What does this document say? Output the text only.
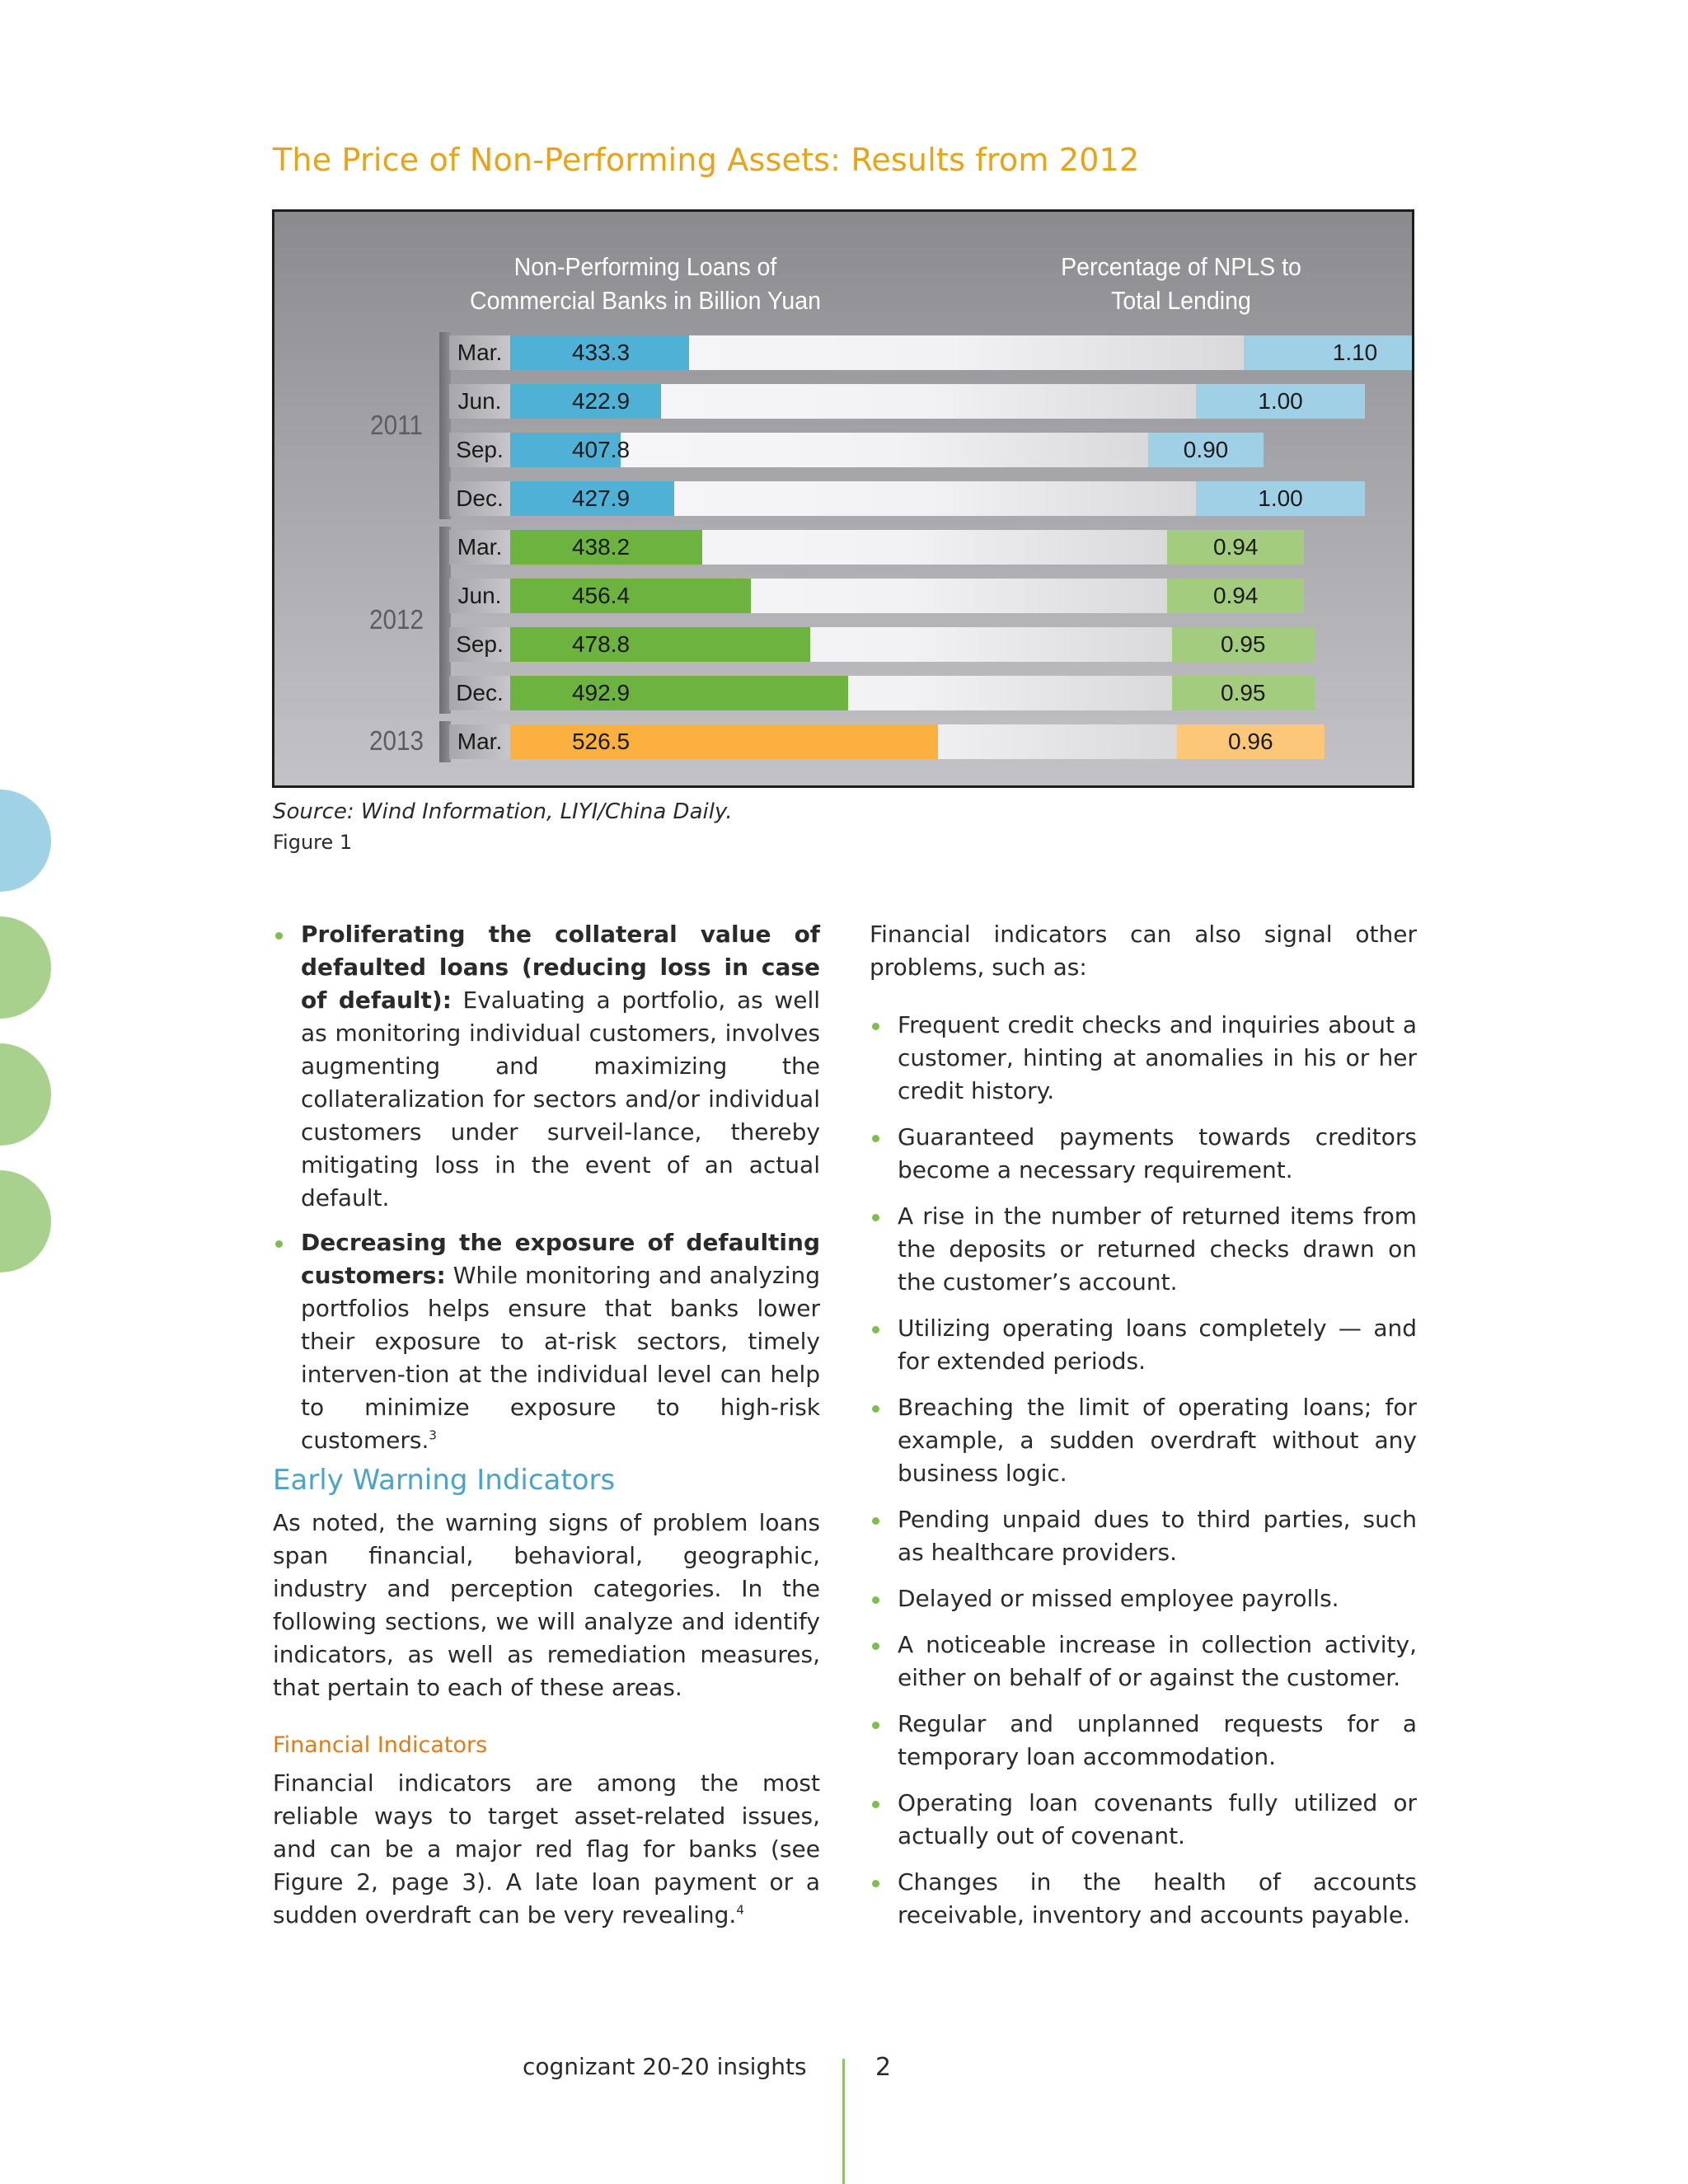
The Price of Non-Performing Assets: Results from 2012
Non-Performing Loans of
Commercial Banks in Billion Yuan
Percentage of NPLS to
Total Lending
2011
2012
2013
Mar.	433.3	1.10
Jun.	422.9	1.00
Sep.	407.8	0.90
Dec.	427.9	1.00
Mar.	438.2	0.94
Jun.	456.4	0.94
Sep.	478.8	0.95
Dec.	492.9	0.95
Mar.	526.5	0.96
Source: Wind Information, LIYI/China Daily.
Figure 1
Proliferating the collateral value of defaulted loans (reducing loss in case of default): Evaluating a portfolio, as well as monitoring individual customers, involves augmenting and maximizing the collateralization for sectors and/or individual customers under surveil-lance, thereby mitigating loss in the event of an actual default.
Decreasing the exposure of defaulting customers: While monitoring and analyzing portfolios helps ensure that banks lower their exposure to at-risk sectors, timely interven-tion at the individual level can help to minimize exposure to high-risk customers.$^3$
Early Warning Indicators

As noted, the warning signs of problem loans span financial, behavioral, geographic, industry and perception categories. In the following sections, we will analyze and identify indicators, as well as remediation measures, that pertain to each of these areas.

Financial Indicators

Financial indicators are among the most reliable ways to target asset-related issues, and can be a major red flag for banks (see Figure 2, page 3). A late loan payment or a sudden overdraft can be very revealing.$^4$

Financial indicators can also signal other problems, such as:

Frequent credit checks and inquiries about a customer, hinting at anomalies in his or her credit history.
Guaranteed payments towards creditors become a necessary requirement.
A rise in the number of returned items from the deposits or returned checks drawn on the customer’s account.
Utilizing operating loans completely — and for extended periods.
Breaching the limit of operating loans; for example, a sudden overdraft without any business logic.
Pending unpaid dues to third parties, such as healthcare providers.
Delayed or missed employee payrolls.
A noticeable increase in collection activity, either on behalf of or against the customer.
Regular and unplanned requests for a temporary loan accommodation.
Operating loan covenants fully utilized or actually out of covenant.
Changes in the health of accounts receivable, inventory and accounts payable.
cognizant 20-20 insights	2
